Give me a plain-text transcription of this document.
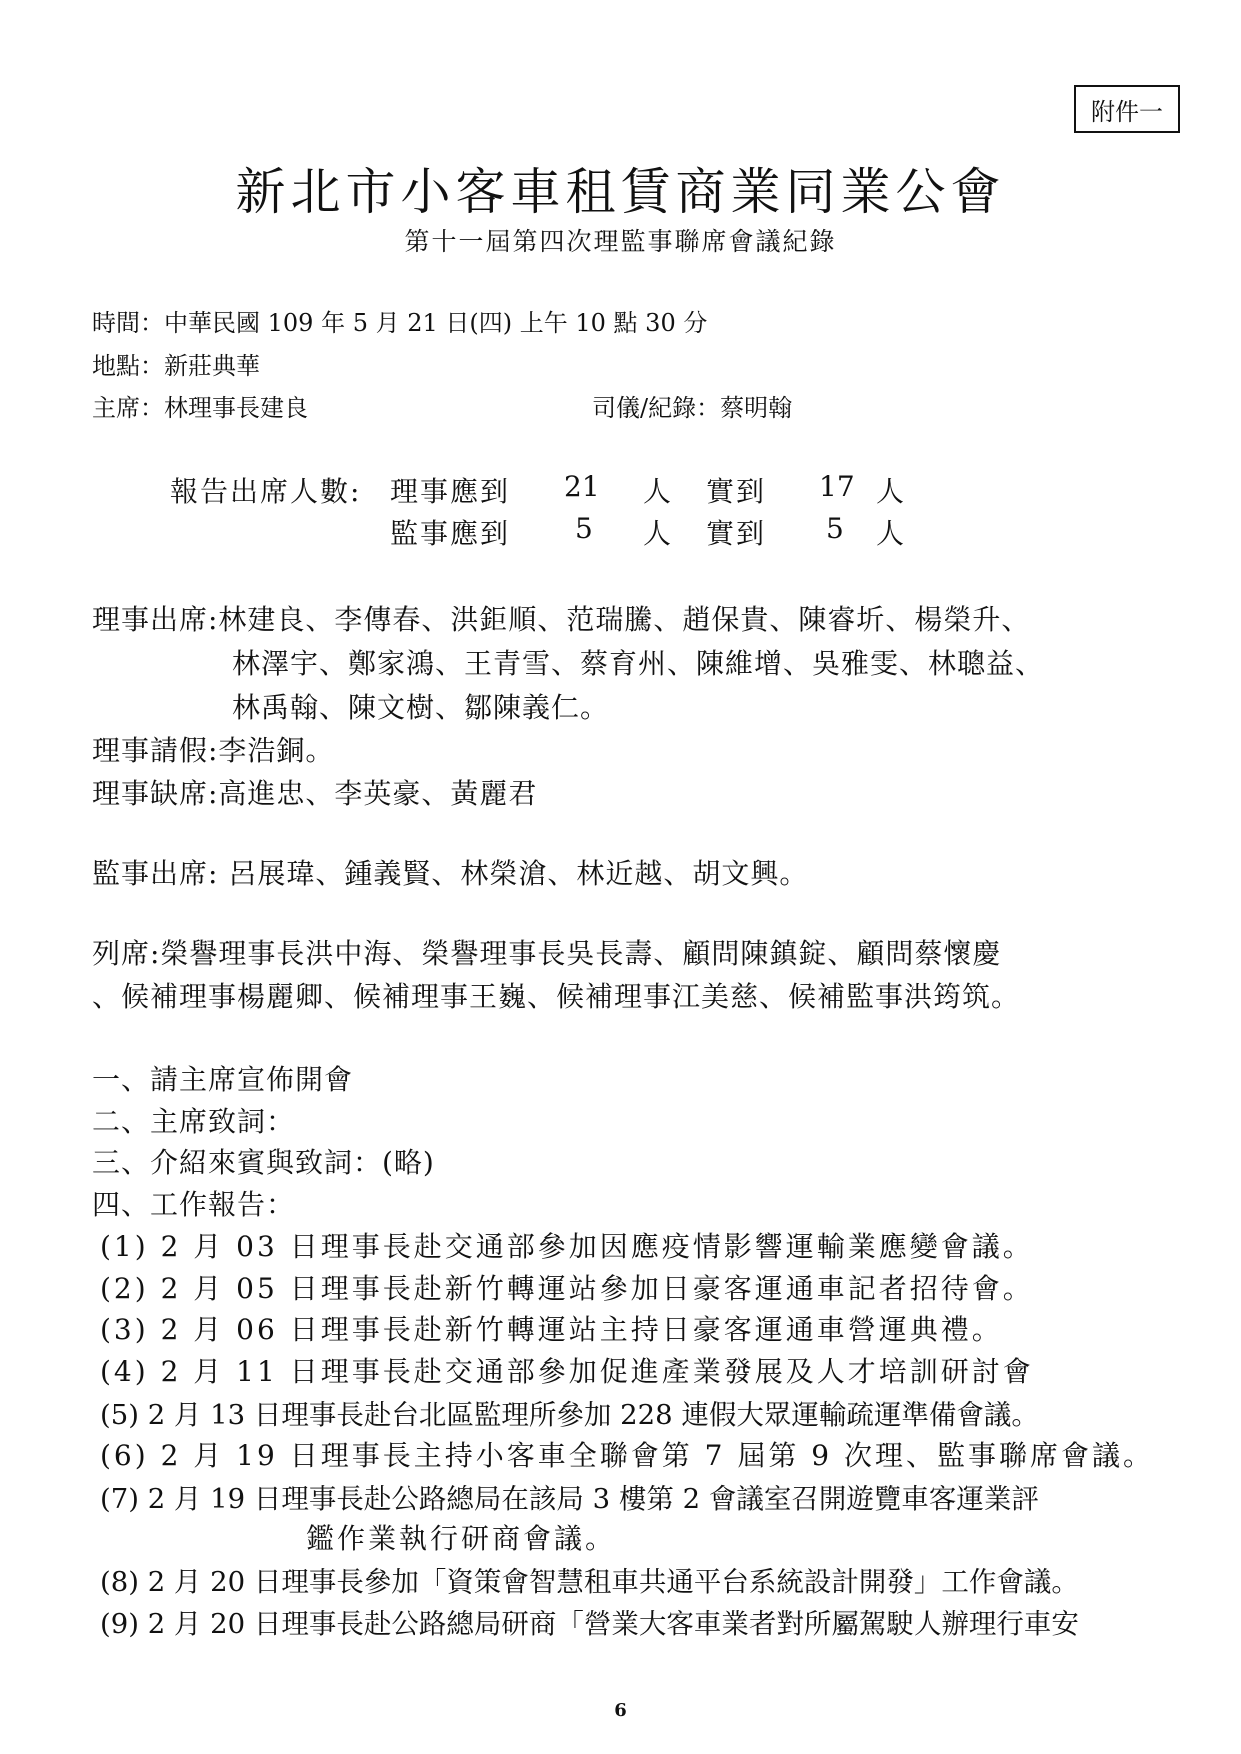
附件一
新北市小客車租賃商業同業公會
第十一屆第四次理監事聯席會議紀錄
時間：中華民國 109 年 5 月 21 日(四) 上午 10 點 30 分
地點：新莊典華
主席：林理事長建良	司儀/紀錄：蔡明翰
報告出席人數: 理事應到 21 人 實到 17 人
監事應到 5 人 實到 5 人
理事出席:林建良、李傳春、洪鉅順、范瑞騰、趙保貴、陳睿圻、楊榮升、
林澤宇、鄭家鴻、王青雪、蔡育州、陳維增、吳雅雯、林聰益、
林禹翰、陳文樹、鄒陳義仁。
理事請假:李浩銅。
理事缺席:高進忠、李英豪、黃麗君
監事出席: 呂展瑋、鍾義賢、林榮滄、林近越、胡文興。
列席:榮譽理事長洪中海、榮譽理事長吳長壽、顧問陳鎮錠、顧問蔡懷慶
、候補理事楊麗卿、候補理事王巍、候補理事江美慈、候補監事洪筠筑。
一、請主席宣佈開會
二、主席致詞：
三、介紹來賓與致詞：(略)
四、工作報告：
(1) 2 月 03 日理事長赴交通部參加因應疫情影響運輸業應變會議。
(2) 2 月 05 日理事長赴新竹轉運站參加日豪客運通車記者招待會。
(3) 2 月 06 日理事長赴新竹轉運站主持日豪客運通車營運典禮。
(4) 2 月 11 日理事長赴交通部參加促進產業發展及人才培訓研討會
(5) 2 月 13 日理事長赴台北區監理所參加 228 連假大眾運輸疏運準備會議。
(6) 2 月 19 日理事長主持小客車全聯會第 7 屆第 9 次理、監事聯席會議。
(7) 2 月 19 日理事長赴公路總局在該局 3 樓第 2 會議室召開遊覽車客運業評
鑑作業執行研商會議。
(8) 2 月 20 日理事長參加「資策會智慧租車共通平台系統設計開發」工作會議。
(9) 2 月 20 日理事長赴公路總局研商「營業大客車業者對所屬駕駛人辦理行車安
6
